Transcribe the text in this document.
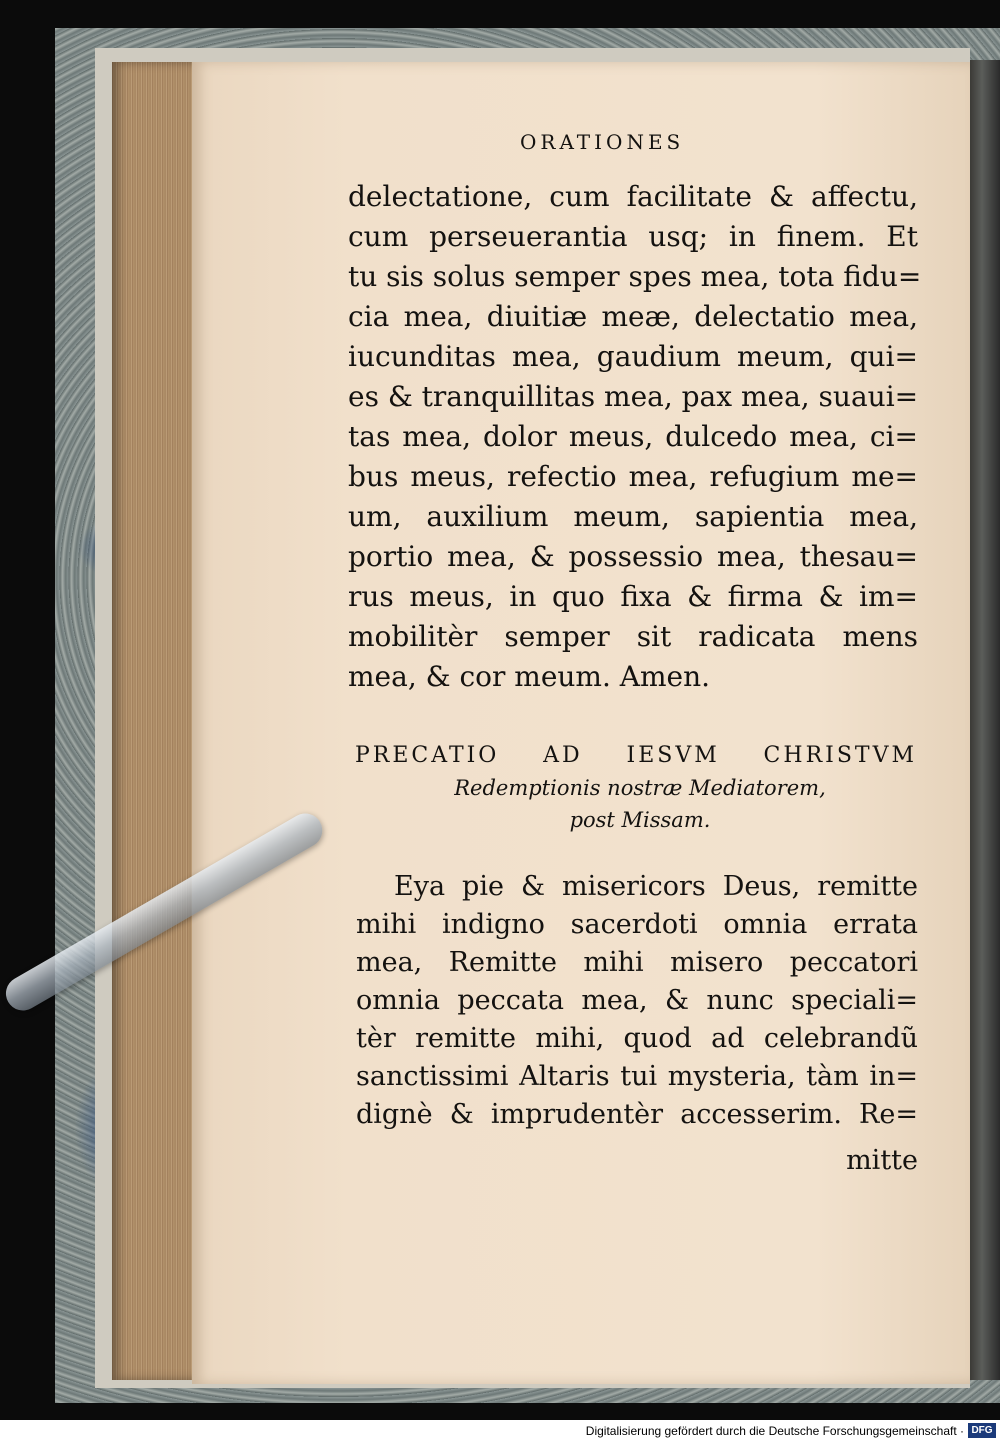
ORATIONES
delectatione, cum facilitate & affectu,
cum perseuerantia usq; in finem. Et
tu sis solus semper spes mea, tota fidu=
cia mea, diuitiæ meæ, delectatio mea,
iucunditas mea, gaudium meum, qui=
es & tranquillitas mea, pax mea, suaui=
tas mea, dolor meus, dulcedo mea, ci=
bus meus, refectio mea, refugium me=
um, auxilium meum, sapientia mea,
portio mea, & possessio mea, thesau=
rus meus, in quo fixa & firma & im=
mobilitèr semper sit radicata mens
mea, & cor meum. Amen.
PRECATIO AD IESVM CHRISTVM
Redemptionis nostræ Mediatorem,
post Missam.
Eya pie & misericors Deus, remitte
mihi indigno sacerdoti omnia errata
mea, Remitte mihi misero peccatori
omnia peccata mea, & nunc speciali=
tèr remitte mihi, quod ad celebrandũ
sanctissimi Altaris tui mysteria, tàm in=
dignè & imprudentèr accesserim. Re=
mitte
Digitalisierung gefördert durch die Deutsche Forschungsgemeinschaft · DFG
